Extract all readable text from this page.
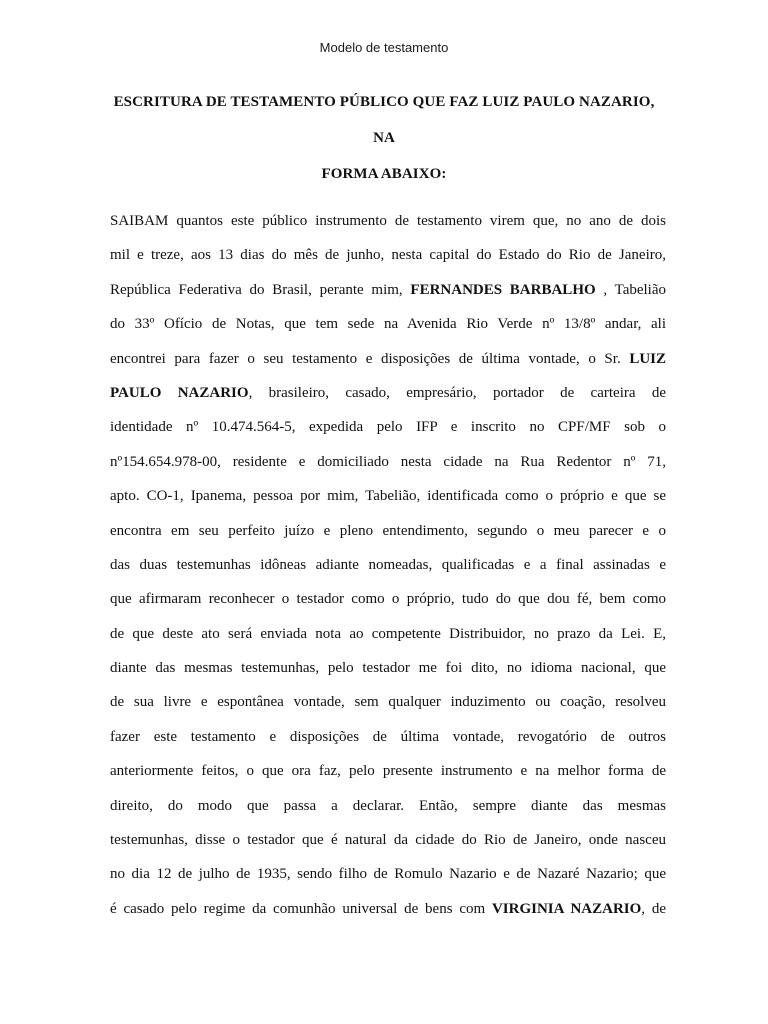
Modelo de testamento
ESCRITURA DE TESTAMENTO PÚBLICO QUE FAZ LUIZ PAULO NAZARIO, NA
FORMA ABAIXO:
SAIBAM quantos este público instrumento de testamento virem que, no ano de dois
mil e treze, aos 13 dias do mês de junho, nesta capital do Estado do Rio de Janeiro,
República Federativa do Brasil, perante mim, FERNANDES BARBALHO , Tabelião
do 33º Ofício de Notas, que tem sede na Avenida Rio Verde nº 13/8º andar, ali
encontrei para fazer o seu testamento e disposições de última vontade, o Sr. LUIZ
PAULO NAZARIO, brasileiro, casado, empresário, portador de carteira de
identidade nº 10.474.564-5, expedida pelo IFP e inscrito no CPF/MF sob o
nº154.654.978-00, residente e domiciliado nesta cidade na Rua Redentor nº 71,
apto. CO-1, Ipanema, pessoa por mim, Tabelião, identificada como o próprio e que se
encontra em seu perfeito juízo e pleno entendimento, segundo o meu parecer e o
das duas testemunhas idôneas adiante nomeadas, qualificadas e a final assinadas e
que afirmaram reconhecer o testador como o próprio, tudo do que dou fé, bem como
de que deste ato será enviada nota ao competente Distribuidor, no prazo da Lei. E,
diante das mesmas testemunhas, pelo testador me foi dito, no idioma nacional, que
de sua livre e espontânea vontade, sem qualquer induzimento ou coação, resolveu
fazer este testamento e disposições de última vontade, revogatório de outros
anteriormente feitos, o que ora faz, pelo presente instrumento e na melhor forma de
direito, do modo que passa a declarar. Então, sempre diante das mesmas
testemunhas, disse o testador que é natural da cidade do Rio de Janeiro, onde nasceu
no dia 12 de julho de 1935, sendo filho de Romulo Nazario e de Nazaré Nazario; que
é casado pelo regime da comunhão universal de bens com VIRGINIA NAZARIO, de
